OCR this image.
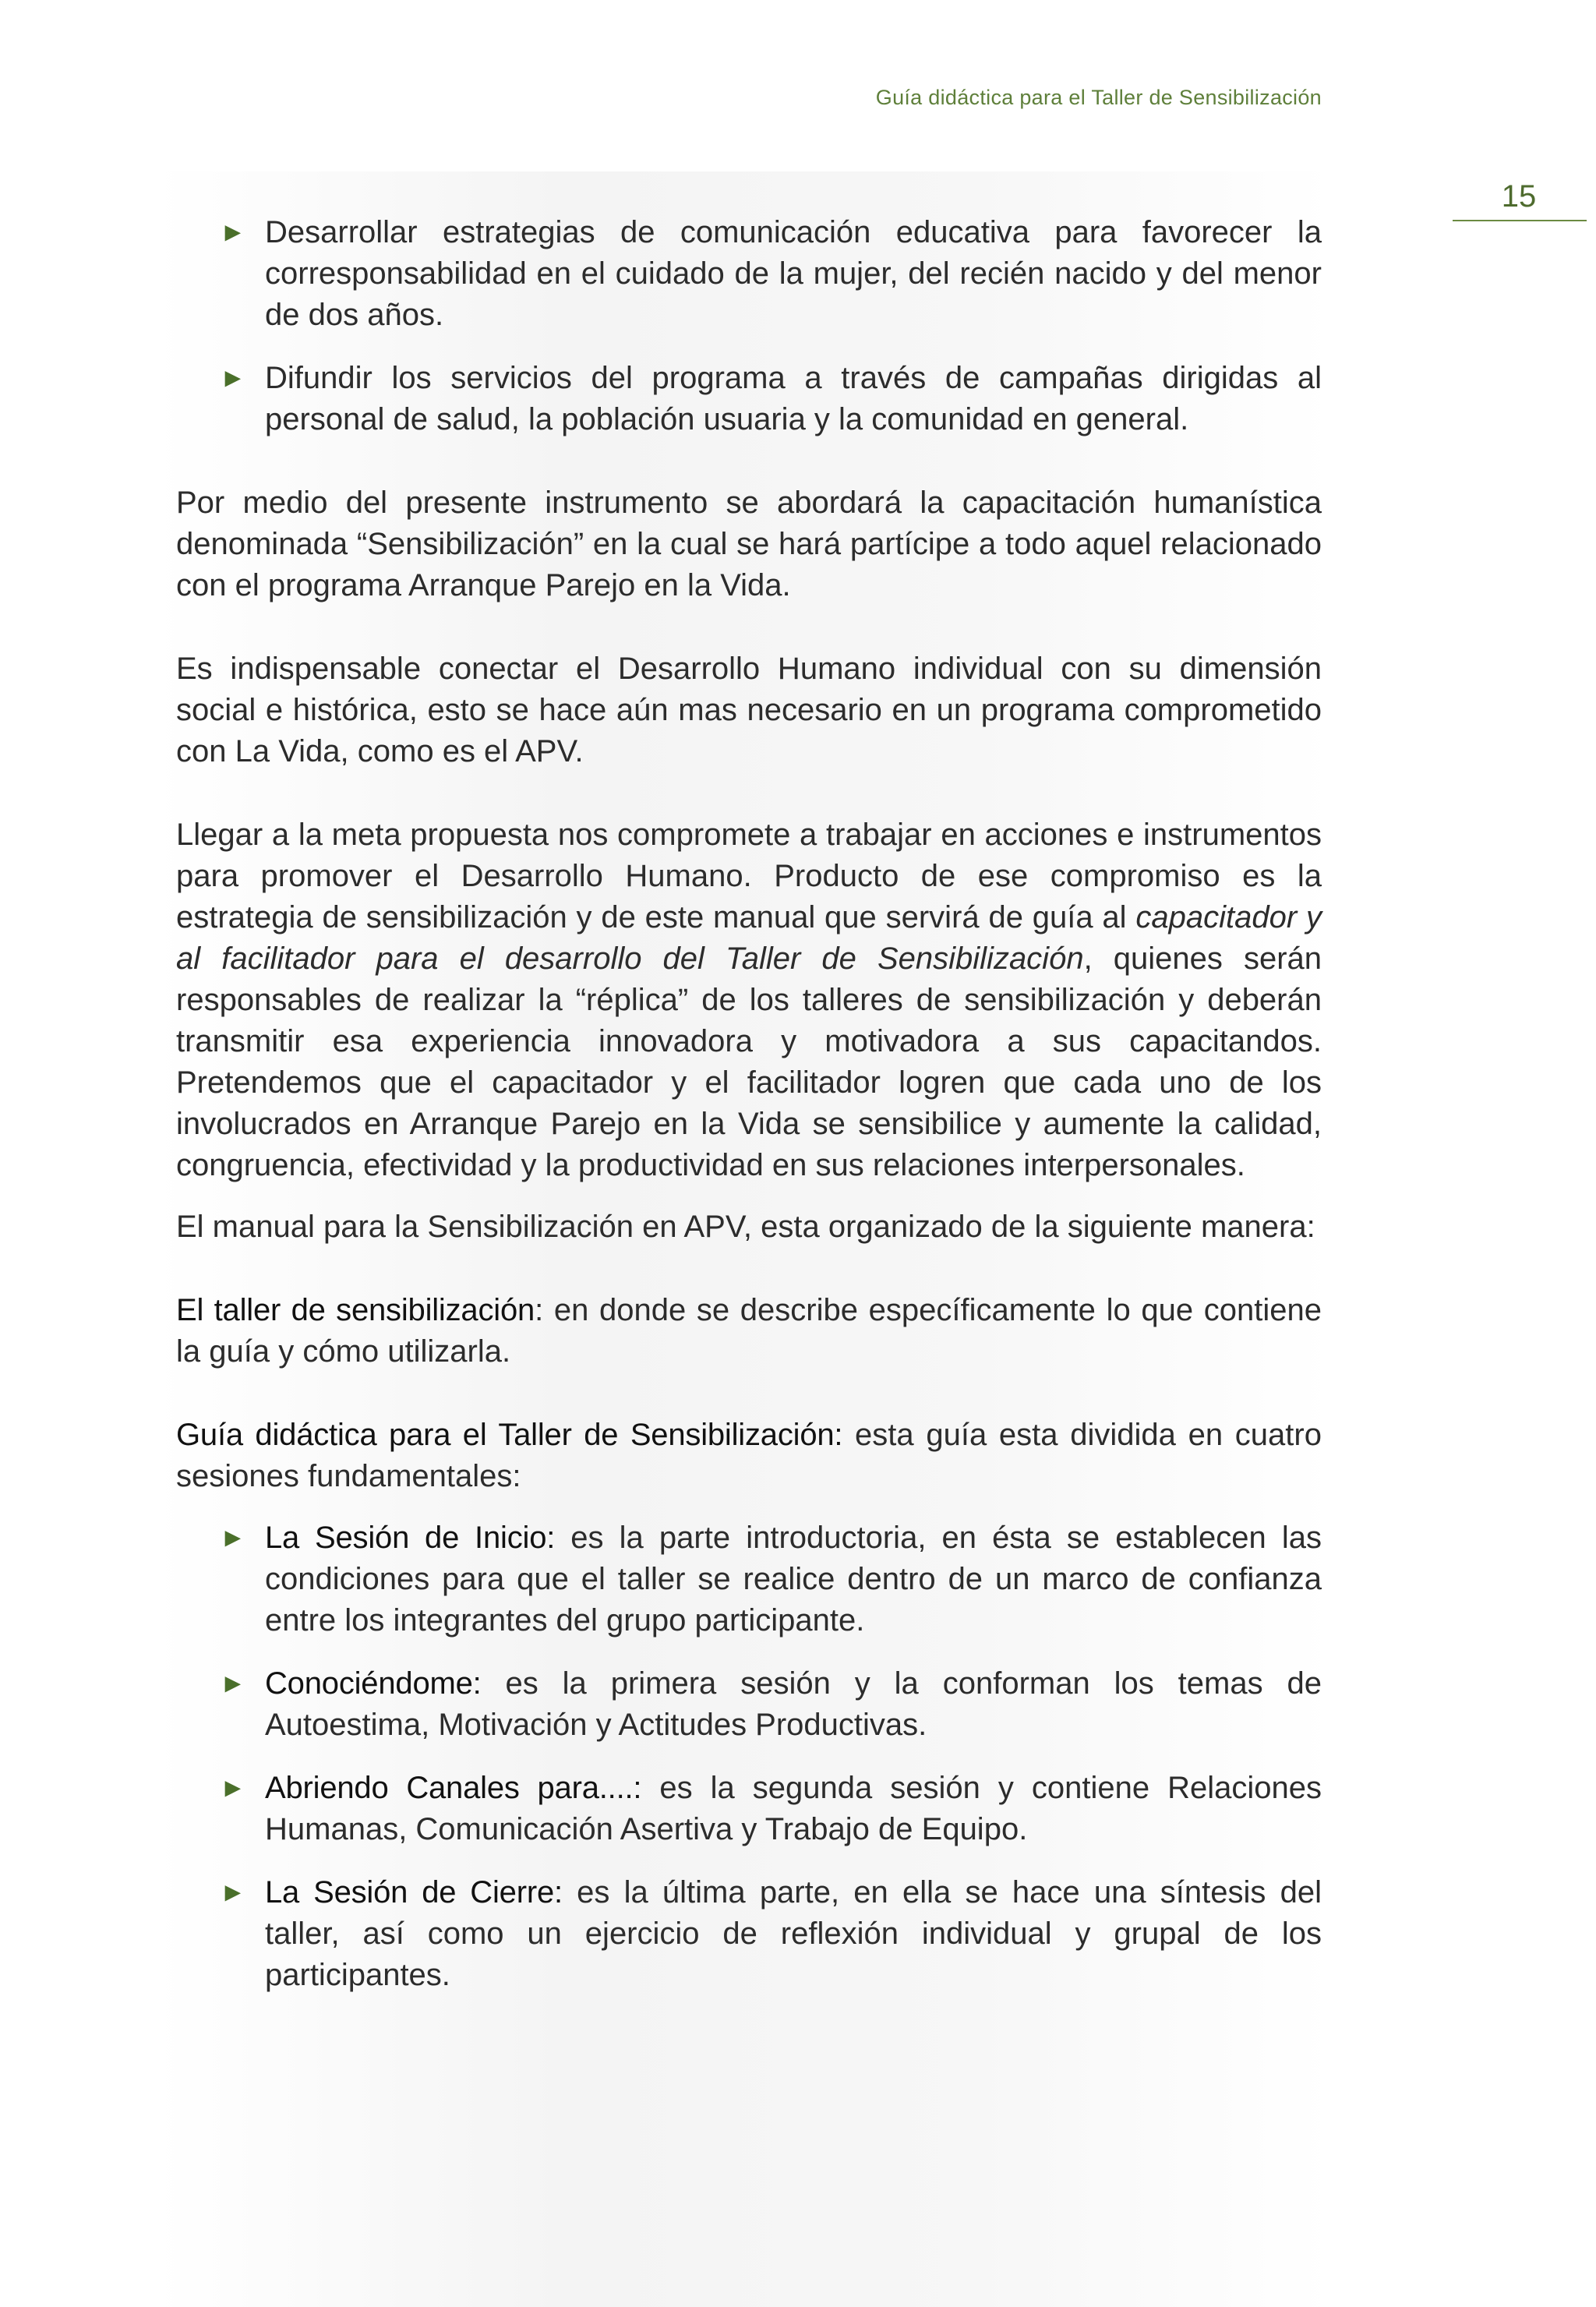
Guía didáctica para el Taller de Sensibilización
15
► Desarrollar estrategias de comunicación educativa para favorecer la corresponsabilidad en el cuidado de la mujer, del recién nacido y del menor de dos años.
► Difundir los servicios del programa a través de campañas dirigidas al personal de salud, la población usuaria y la comunidad en general.

Por medio del presente instrumento se abordará la capacitación humanística denominada “Sensibilización” en la cual se hará partícipe a todo aquel relacionado con el programa Arranque Parejo en la Vida.

Es indispensable conectar el Desarrollo Humano individual con su dimensión social e histórica, esto se hace aún mas necesario en un programa comprometido con La Vida, como es el APV.

Llegar a la meta propuesta nos compromete a trabajar en acciones e instrumentos para promover el Desarrollo Humano. Producto de ese compromiso es la estrategia de sensibilización y de este manual que servirá de guía al capacitador y al facilitador para el desarrollo del Taller de Sensibilización, quienes serán responsables de realizar la “réplica” de los talleres de sensibilización y deberán transmitir esa experiencia innovadora y motivadora a sus capacitandos. Pretendemos que el capacitador y el facilitador logren que cada uno de los involucrados en Arranque Parejo en la Vida se sensibilice y aumente la calidad, congruencia, efectividad y la productividad en sus relaciones interpersonales.

El manual para la Sensibilización en APV, esta organizado de la siguiente manera:

El taller de sensibilización: en donde se describe específicamente lo que contiene la guía y cómo utilizarla.

Guía didáctica para el Taller de Sensibilización: esta guía esta dividida en cuatro sesiones fundamentales:

► La Sesión de Inicio: es la parte introductoria, en ésta se establecen las condiciones para que el taller se realice dentro de un marco de confianza entre los integrantes del grupo participante.
► Conociéndome: es la primera sesión y la conforman los temas de Autoestima, Motivación y Actitudes Productivas.
► Abriendo Canales para....: es la segunda sesión y contiene Relaciones Humanas, Comunicación Asertiva y Trabajo de Equipo.
► La Sesión de Cierre: es la última parte, en ella se hace una síntesis del taller, así como un ejercicio de reflexión individual y grupal de los participantes.
